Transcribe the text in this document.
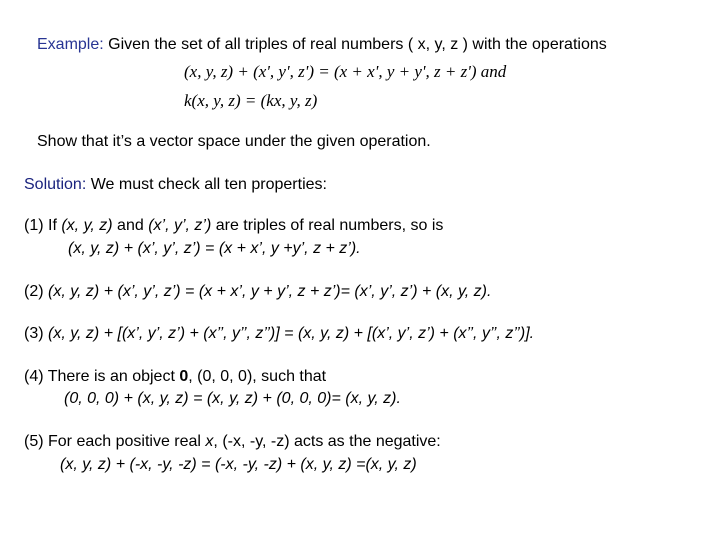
Example: Given the set of all triples of real numbers ( x, y, z ) with the operations
(x, y, z) + (x', y', z') = (x + x', y + y', z + z') and
k(x, y, z) = (kx, y, z)
Show that it’s a vector space under the given operation.
Solution: We must check all ten properties:
(1) If (x, y, z) and (x’, y’, z’) are triples of real numbers, so is
(x, y, z) + (x’, y’, z’) = (x + x’, y +y’, z + z’).
(2) (x, y, z) + (x’, y’, z’) = (x + x’, y + y’, z + z’)= (x’, y’, z’) + (x, y, z).
(3) (x, y, z) + [(x’, y’, z’) + (x’’, y’’, z’’)] = (x, y, z) + [(x’, y’, z’) + (x’’, y’’, z’’)].
(4) There is an object 0, (0, 0, 0), such that
(0, 0, 0) + (x, y, z) = (x, y, z) + (0, 0, 0)= (x, y, z).
(5) For each positive real x, (-x, -y, -z) acts as the negative:
(x, y, z) + (-x, -y, -z) = (-x, -y, -z) + (x, y, z) =(x, y, z)
